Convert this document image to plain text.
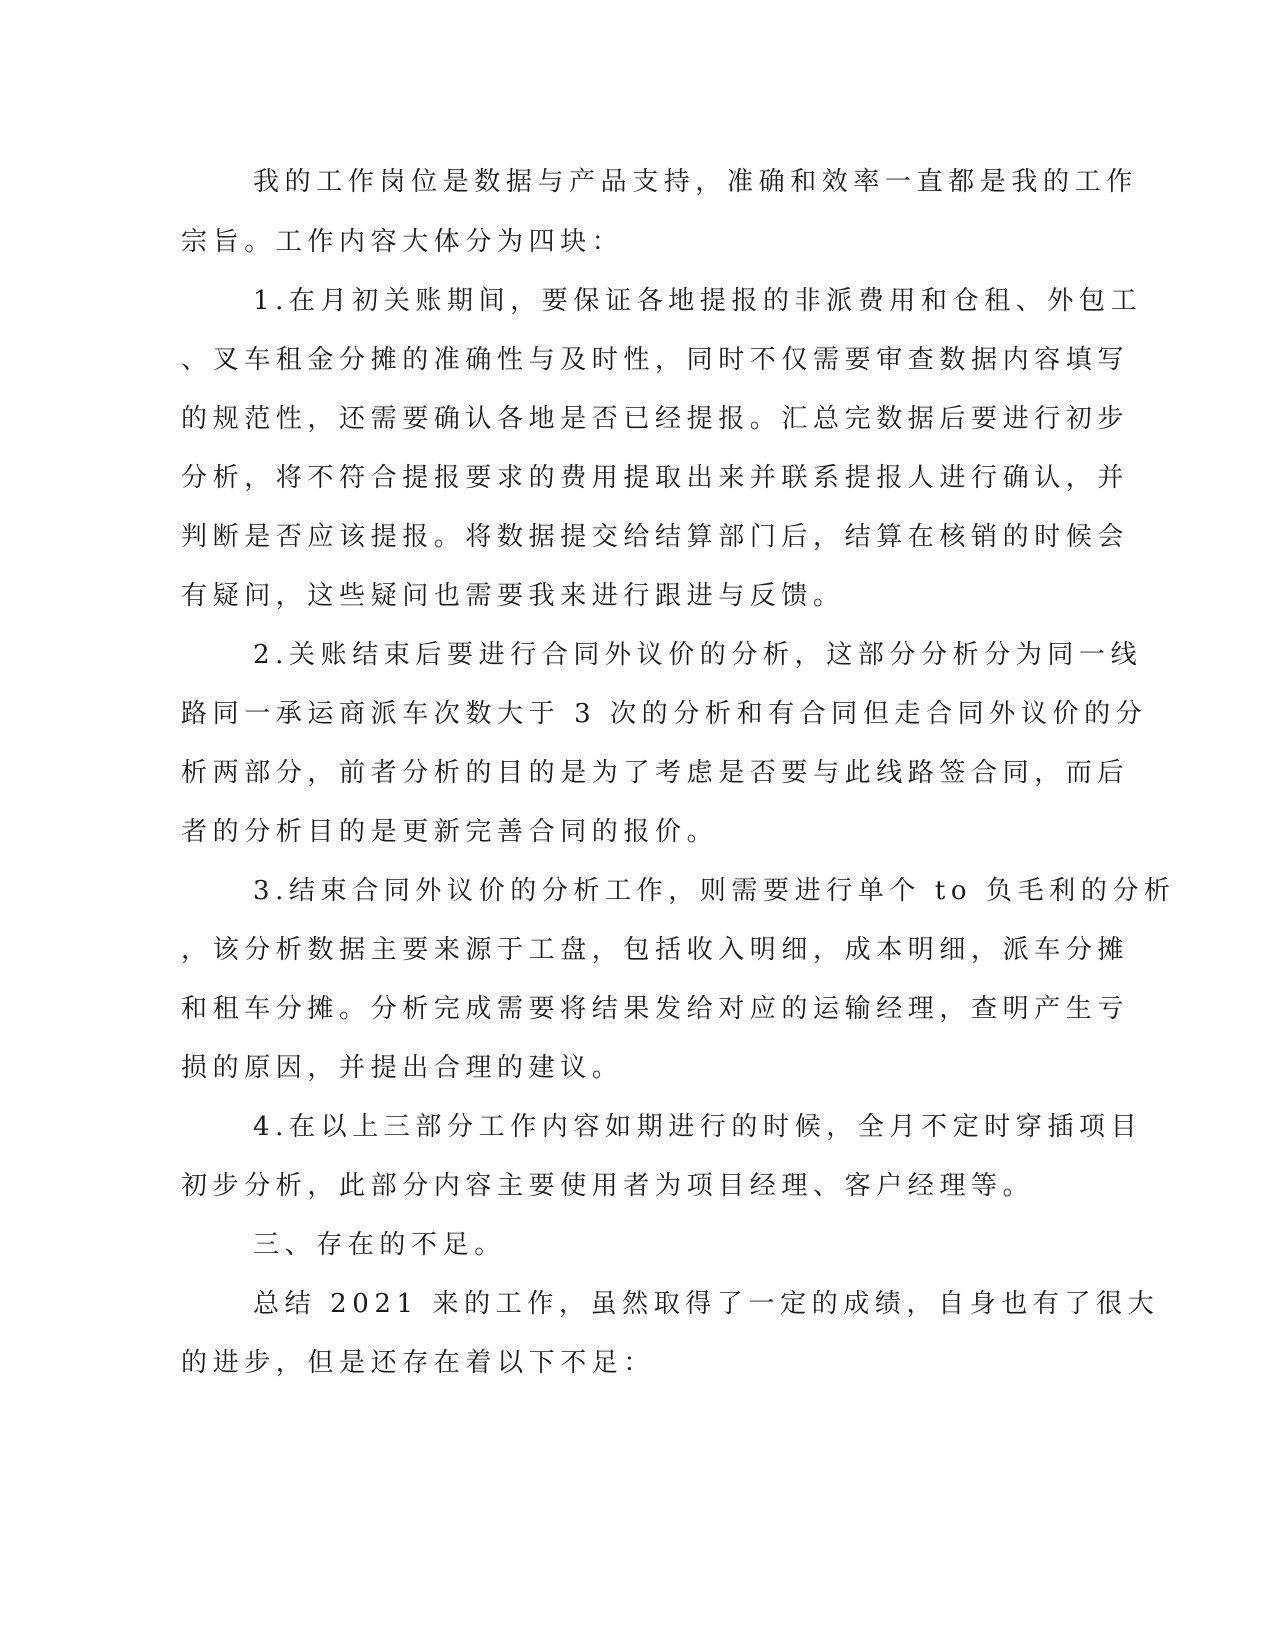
我的工作岗位是数据与产品支持，准确和效率一直都是我的工作
宗旨。工作内容大体分为四块：
1.在月初关账期间，要保证各地提报的非派费用和仓租、外包工
、叉车租金分摊的准确性与及时性，同时不仅需要审查数据内容填写
的规范性，还需要确认各地是否已经提报。汇总完数据后要进行初步
分析，将不符合提报要求的费用提取出来并联系提报人进行确认，并
判断是否应该提报。将数据提交给结算部门后，结算在核销的时候会
有疑问，这些疑问也需要我来进行跟进与反馈。
2.关账结束后要进行合同外议价的分析，这部分分析分为同一线
路同一承运商派车次数大于 3 次的分析和有合同但走合同外议价的分
析两部分，前者分析的目的是为了考虑是否要与此线路签合同，而后
者的分析目的是更新完善合同的报价。
3.结束合同外议价的分析工作，则需要进行单个 to 负毛利的分析
，该分析数据主要来源于工盘，包括收入明细，成本明细，派车分摊
和租车分摊。分析完成需要将结果发给对应的运输经理，查明产生亏
损的原因，并提出合理的建议。
4.在以上三部分工作内容如期进行的时候，全月不定时穿插项目
初步分析，此部分内容主要使用者为项目经理、客户经理等。
三、存在的不足。
总结 2021 来的工作，虽然取得了一定的成绩，自身也有了很大
的进步，但是还存在着以下不足：
